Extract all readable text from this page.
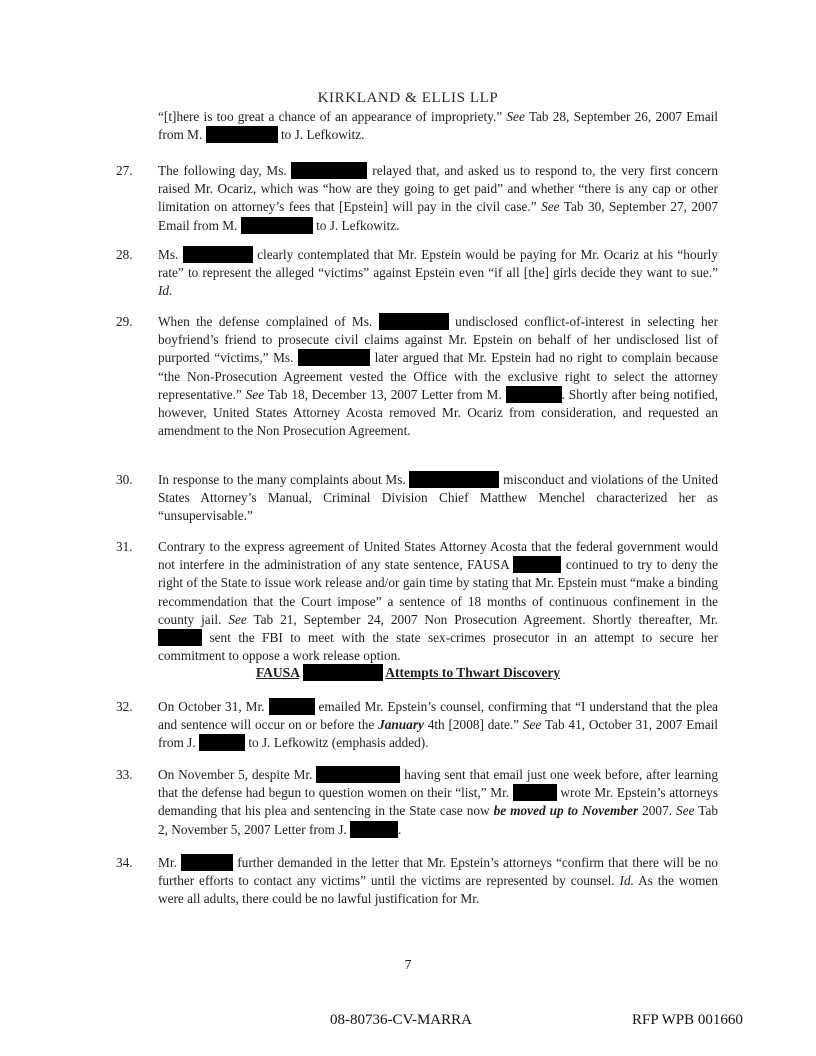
KIRKLAND & ELLIS LLP
“[t]here is too great a chance of an appearance of impropriety.” See Tab 28, September 26, 2007 Email from M.	to J. Lefkowitz.
27. The following day, Ms.	relayed that, and asked us to respond to, the very first concern raised Mr. Ocariz, which was “how are they going to get paid” and whether “there is any cap or other limitation on attorney’s fees that [Epstein] will pay in the civil case.” See Tab 30, September 27, 2007 Email from M.	to J. Lefkowitz.
28. Ms.	clearly contemplated that Mr. Epstein would be paying for Mr. Ocariz at his “hourly rate” to represent the alleged “victims” against Epstein even “if all [the] girls decide they want to sue.” Id.
29. When the defense complained of Ms.	undisclosed conflict-of-interest in selecting her boyfriend’s friend to prosecute civil claims against Mr. Epstein on behalf of her undisclosed list of purported “victims,” Ms.	later argued that Mr. Epstein had no right to complain because “the Non-Prosecution Agreement vested the Office with the exclusive right to select the attorney representative.” See Tab 18, December 13, 2007 Letter from M.	. Shortly after being notified, however, United States Attorney Acosta removed Mr. Ocariz from consideration, and requested an amendment to the Non Prosecution Agreement.
30. In response to the many complaints about Ms.	misconduct and violations of the United States Attorney’s Manual, Criminal Division Chief Matthew Menchel characterized her as “unsupervisable.”
31. Contrary to the express agreement of United States Attorney Acosta that the federal government would not interfere in the administration of any state sentence, FAUSA	continued to try to deny the right of the State to issue work release and/or gain time by stating that Mr. Epstein must “make a binding recommendation that the Court impose” a sentence of 18 months of continuous confinement in the county jail. See Tab 21, September 24, 2007 Non Prosecution Agreement. Shortly thereafter, Mr.  sent the FBI to meet with the state sex-crimes prosecutor in an attempt to secure her commitment to oppose a work release option.
FAUSA	Attempts to Thwart Discovery
32. On October 31, Mr.	emailed Mr. Epstein’s counsel, confirming that “I understand that the plea and sentence will occur on or before the January 4th [2008] date.” See Tab 41, October 31, 2007 Email from J.	to J. Lefkowitz (emphasis added).
33. On November 5, despite Mr.	having sent that email just one week before, after learning that the defense had begun to question women on their “list,” Mr.	wrote Mr. Epstein’s attorneys demanding that his plea and sentencing in the State case now be moved up to November 2007. See Tab 2, November 5, 2007 Letter from J.	.
34. Mr.	further demanded in the letter that Mr. Epstein’s attorneys “confirm that there will be no further efforts to contact any victims” until the victims are represented by counsel. Id. As the women were all adults, there could be no lawful justification for Mr.
7
08-80736-CV-MARRA	RFP WPB 001660
